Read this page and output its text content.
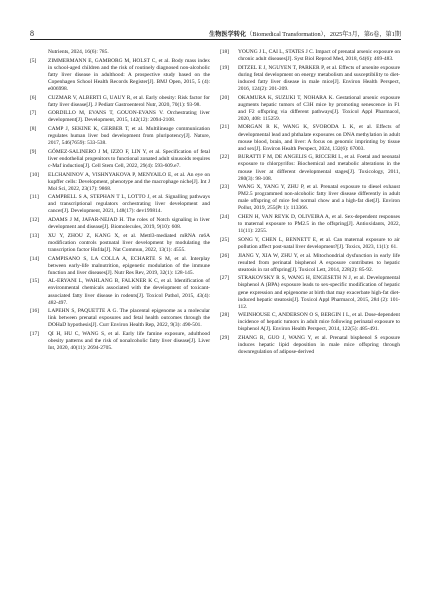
8	生物医学转化（Biomedical Transformation），2025年3月，第6卷，第1期
Nutrients, 2024, 16(6): 785.
[5]	ZIMMERMANN E, GAMBORG M, HOLST C, et al. Body mass index in school-aged children and the risk of routinely diagnosed non-alcoholic fatty liver disease in adulthood: A prospective study based on the Copenhagen School Health Records Register[J]. BMJ Open, 2015, 5 (4): e006998.
[6]	CUZMAR V, ALBERTI G, UAUY R, et al. Early obesity: Risk factor for fatty liver disease[J]. J Pediatr Gastroenterol Nutr, 2020, 70(1): 93-98.
[7]	GORDILLO M, EVANS T, GOUON-EVANS V. Orchestrating liver development[J]. Development, 2015, 142(12): 2094-2108.
[8]	CAMP J, SEKINE K, GERBER T, et al. Multilineage communication regulates human liver bud development from pluripotency[J]. Nature, 2017, 546(7659): 533-538.
[9]	GÓMEZ-SALINERO J M, IZZO F, LIN Y, et al. Specification of fetal liver endothelial progenitors to functional zonated adult sinusoids requires c-Maf induction[J]. Cell Stem Cell, 2022, 29(4): 593-609.e7.
[10]	ELCHANINOV A, VISHNYAKOVA P, MENYAILO E, et al. An eye on kupffer cells: Development, phenotype and the macrophage niche[J]. Int J Mol Sci, 2022, 23(17): 9868.
[11]	CAMPBELL S A, STEPHAN T L, LOTTO J, et al. Signalling pathways and transcriptional regulators orchestrating liver development and cancer[J]. Development, 2021, 148(17): dev199814.
[12]	ADAMS J M, JAFAR-NEJAD H. The roles of Notch signaling in liver development and disease[J]. Biomolecules, 2019, 9(10): 608.
[13]	XU Y, ZHOU Z, KANG X, et al. Mettl3-mediated mRNA m6A modification controls postnatal liver development by modulating the transcription factor Hnf4a[J]. Nat Commun, 2022, 13(1): 4555.
[14]	CAMPISANO S, LA COLLA A, ECHARTE S M, et al. Interplay between early-life malnutrition, epigenetic modulation of the immune function and liver diseases[J]. Nutr Res Rev, 2019, 32(1): 128-145.
[15]	AL-ERYANI L, WAHLANG B, FALKNER K C, et al. Identification of environmental chemicals associated with the development of toxicant-associated fatty liver disease in rodents[J]. Toxicol Pathol, 2015, 43(4): 482-497.
[16]	LAPEHN S, PAQUETTE A G. The placental epigenome as a molecular link between prenatal exposures and fetal health outcomes through the DOHaD hypothesis[J]. Curr Environ Health Rep, 2022, 9(3): 490-501.
[17]	QI H, HU C, WANG S, et al. Early life famine exposure, adulthood obesity patterns and the risk of nonalcoholic fatty liver disease[J]. Liver Int, 2020, 40(11): 2694-2705.
[18]	YOUNG J L, CAI L, STATES J C. Impact of prenatal arsenic exposure on chronic adult diseases[J]. Syst Biol Reprod Med, 2018, 64(6): 469-483.
[19]	DITZEL E J, NGUYEN T, PARKER P, et al. Effects of arsenite exposure during fetal development on energy metabolism and susceptibility to diet-induced fatty liver disease in male mice[J]. Environ Health Perspect, 2016, 124(2): 201-209.
[20]	OKAMURA K, SUZUKI T, NOHARA K. Gestational arsenic exposure augments hepatic tumors of C3H mice by promoting senescence in F1 and F2 offspring via different pathways[J]. Toxicol Appl Pharmacol, 2020, 408: 115259.
[21]	MORGAN R K, WANG K, SVOBODA L K, et al. Effects of developmental lead and phthalate exposures on DNA methylation in adult mouse blood, brain, and liver: A focus on genomic imprinting by tissue and sex[J]. Environ Health Perspect, 2024, 132(6): 67003.
[22]	BURATTI F M, DE ANGELIS G, RICCERI L, et al. Foetal and neonatal exposure to chlorpyrifos: Biochemical and metabolic alterations in the mouse liver at different developmental stages[J]. Toxicology, 2011, 280(3): 98-108.
[23]	WANG X, YANG Y, ZHU P, et al. Prenatal exposure to diesel exhaust PM2.5 programmed non-alcoholic fatty liver disease differently in adult male offspring of mice fed normal chow and a high-fat diet[J]. Environ Pollut, 2019, 255(Pt 1): 113366.
[24]	CHEN H, VAN REYK D, OLIVEIRA A, et al. Sex-dependent responses to maternal exposure to PM2.5 in the offspring[J]. Antioxidants, 2022, 11(11): 2255.
[25]	SONG Y, CHEN L, BENNETT E, et al. Can maternal exposure to air pollution affect post-natal liver development?[J]. Toxics, 2023, 11(1): 61.
[26]	JIANG Y, XIA W, ZHU Y, et al. Mitochondrial dysfunction in early life resulted from perinatal bisphenol A exposure contributes to hepatic steatosis in rat offspring[J]. Toxicol Lett, 2014, 228(2): 85-92.
[27]	STRAKOVSKY R S, WANG H, ENGESETH N J, et al. Developmental bisphenol A (BPA) exposure leads to sex-specific modification of hepatic gene expression and epigenome at birth that may exacerbate high-fat diet-induced hepatic steatosis[J]. Toxicol Appl Pharmacol, 2015, 284 (2): 101-112.
[28]	WEINHOUSE C, ANDERSON O S, BERGIN I L, et al. Dose-dependent incidence of hepatic tumors in adult mice following perinatal exposure to bisphenol A[J]. Environ Health Perspect, 2014, 122(5): 485-491.
[29]	ZHANG R, GUO J, WANG Y, et al. Prenatal bisphenol S exposure induces hepatic lipid deposition in male mice offspring through downregulation of adipose-derived
